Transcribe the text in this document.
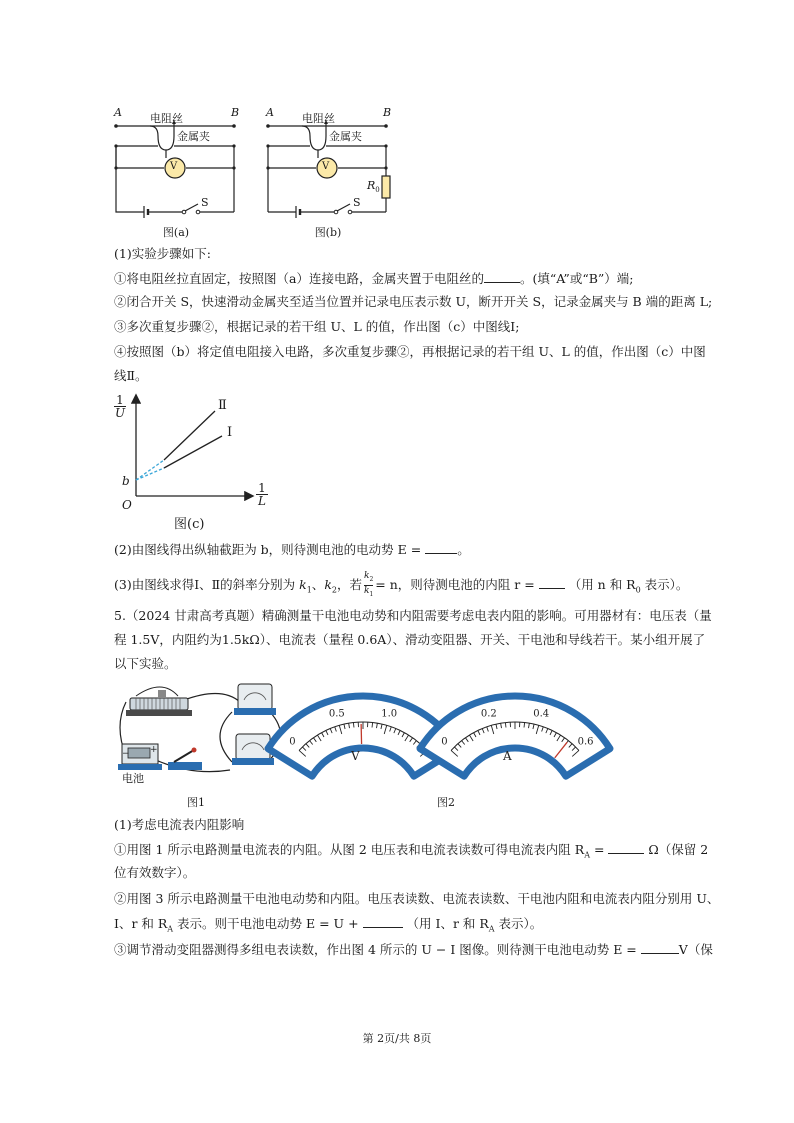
A	B
电阻丝
金属夹
V
S
图(a)
A	B
电阻丝
金属夹
V
$R_0$
S
图(b)
(1)实验步骤如下:
①将电阻丝拉直固定，按照图（a）连接电路，金属夹置于电阻丝的	。(填“A”或“B”）端;
②闭合开关 S，快速滑动金属夹至适当位置并记录电压表示数 U，断开开关 S，记录金属夹与 B 端的距离 L;
③多次重复步骤②，根据记录的若干组 U、L 的值，作出图（c）中图线Ⅰ;
④按照图（b）将定值电阻接入电路，多次重复步骤②，再根据记录的若干组 U、L 的值，作出图（c）中图
线Ⅱ。
1
U
1
L
O
b
Ⅱ
Ⅰ
图(c)
(2)由图线得出纵轴截距为 b，则待测电池的电动势 E =	。
(3)由图线求得Ⅰ、Ⅱ的斜率分别为 $k_1$、$k_2$，若 $\frac{k_2}{k_1} = n$，则待测电池的内阻 r =	（用 n 和 $R_0$ 表示）。
5.（2024 甘肃高考真题）精确测量干电池电动势和内阻需要考虑电表内阻的影响。可用器材有：电压表（量
程 1.5V，内阻约为1.5kΩ）、电流表（量程 0.6A）、滑动变阻器、开关、干电池和导线若干。某小组开展了
以下实验。
− +
电池
图1
0
0.5	1.0
V
0
0.2	0.4
0.6
A
图2
(1)考虑电流表内阻影响
①用图 1 所示电路测量电流表的内阻。从图 2 电压表和电流表读数可得电流表内阻 $R_A$ =	Ω（保留 2
位有效数字）。
②用图 3 所示电路测量干电池电动势和内阻。电压表读数、电流表读数、干电池内阻和电流表内阻分别用 U、
I、r 和 $R_A$ 表示。则干电池电动势 E = U +	（用 I、r 和 $R_A$ 表示）。
③调节滑动变阻器测得多组电表读数，作出图 4 所示的 U − I 图像。则待测干电池电动势 E =	V（保
第 2页/共 8页
